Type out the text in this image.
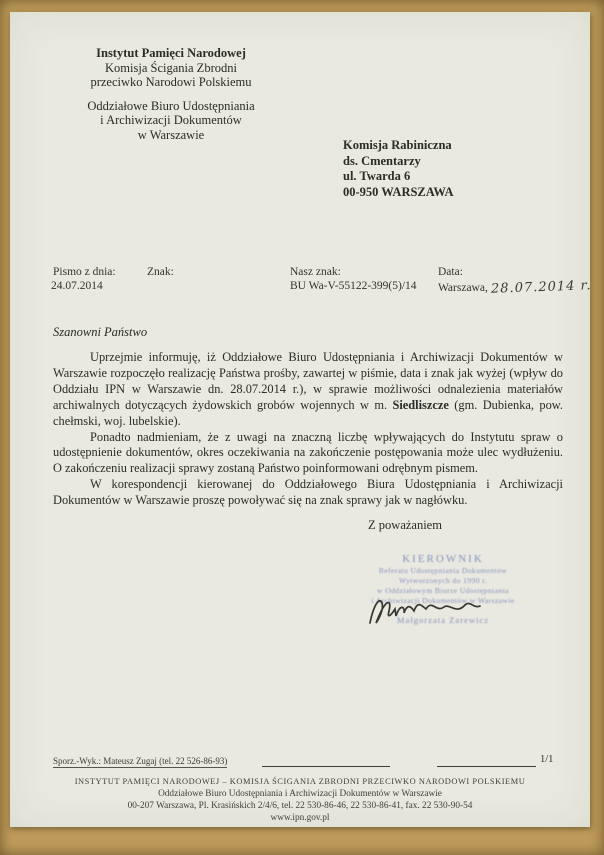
Instytut Pamięci Narodowej
Komisja Ścigania Zbrodni
przeciwko Narodowi Polskiemu
Oddziałowe Biuro Udostępniania
i Archiwizacji Dokumentów
w Warszawie
Komisja Rabiniczna
ds. Cmentarzy
ul. Twarda 6
00-950 WARSZAWA
Pismo z dnia:
24.07.2014
Znak:	Nasz znak:
BU Wa-V-55122-399(5)/14
Data:
Warszawa, 28.07.2014 r.
Szanowni Państwo

Uprzejmie informuję, iż Oddziałowe Biuro Udostępniania i Archiwizacji Dokumentów w Warszawie rozpoczęło realizację Państwa prośby, zawartej w piśmie, data i znak jak wyżej (wpływ do Oddziału IPN w Warszawie dn. 28.07.2014 r.), w sprawie możliwości odnalezienia materiałów archiwalnych dotyczących żydowskich grobów wojennych w m. Siedliszcze (gm. Dubienka, pow. chełmski, woj. lubelskie).

Ponadto nadmieniam, że z uwagi na znaczną liczbę wpływających do Instytutu spraw o udostępnienie dokumentów, okres oczekiwania na zakończenie postępowania może ulec wydłużeniu. O zakończeniu realizacji sprawy zostaną Państwo poinformowani odrębnym pismem.

W korespondencji kierowanej do Oddziałowego Biura Udostępniania i Archiwizacji Dokumentów w Warszawie proszę powoływać się na znak sprawy jak w nagłówku.

Z poważaniem
KIEROWNIK
Referatu Udostępniania Dokumentów
Wytworzonych do 1990 r.
w Oddziałowym Biurze Udostępniania
i Archiwizacji Dokumentów w Warszawie
Małgorzata Zarewicz
Sporz.-Wyk.: Mateusz Zugaj (tel. 22 526-86-93)	1/1
INSTYTUT PAMIĘCI NARODOWEJ – KOMISJA ŚCIGANIA ZBRODNI PRZECIWKO NARODOWI POLSKIEMU
Oddziałowe Biuro Udostępniania i Archiwizacji Dokumentów w Warszawie
00-207 Warszawa, Pl. Krasińskich 2/4/6, tel. 22 530-86-46, 22 530-86-41, fax. 22 530-90-54
www.ipn.gov.pl
